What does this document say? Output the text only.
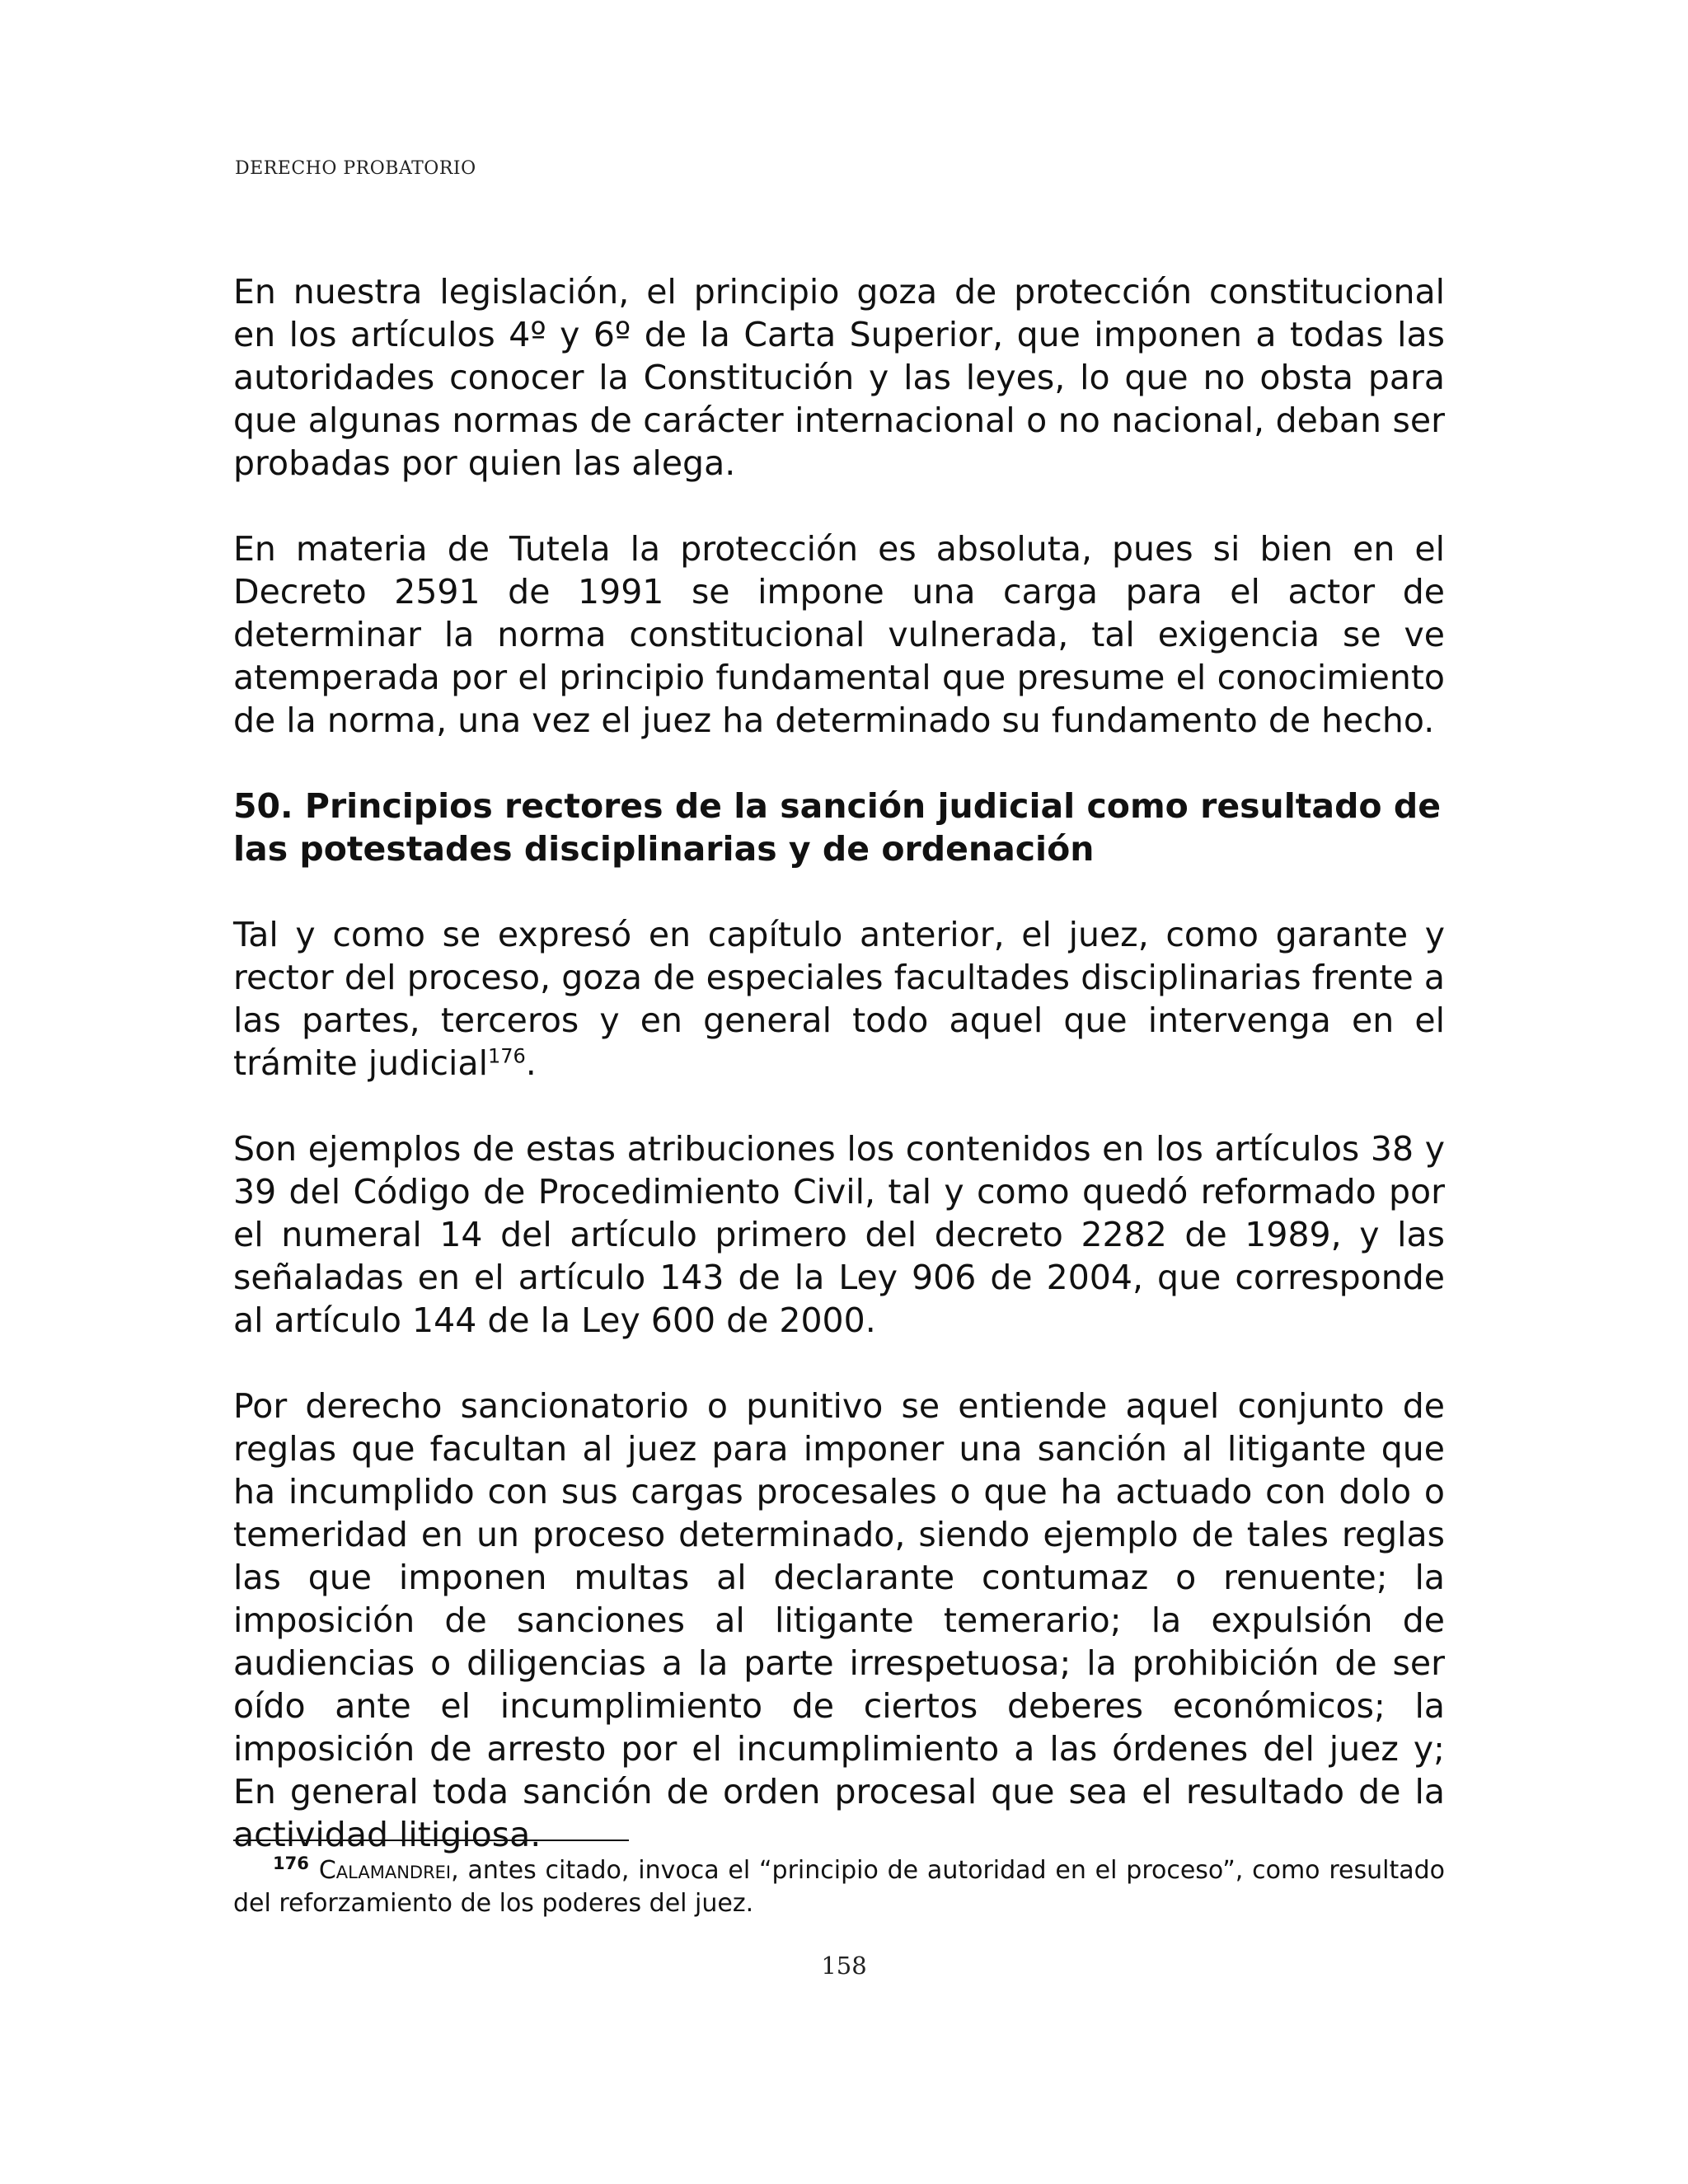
DERECHO PROBATORIO

En nuestra legislación, el principio goza de protección constitucional en los artículos 4º y 6º de la Carta Superior, que imponen a todas las autoridades conocer la Constitución y las leyes, lo que no obsta para que algunas normas de carácter internacional o no nacional, deban ser probadas por quien las alega.

En materia de Tutela la protección es absoluta, pues si bien en el Decreto 2591 de 1991 se impone una carga para el actor de determinar la norma constitucional vulnerada, tal exigencia se ve atemperada por el principio fundamental que presume el conocimiento de la norma, una vez el juez ha determinado su fundamento de hecho.

50. Principios rectores de la sanción judicial como resultado de las potestades disciplinarias y de ordenación

Tal y como se expresó en capítulo anterior, el juez, como garante y rector del proceso, goza de especiales facultades disciplinarias frente a las partes, terceros y en general todo aquel que intervenga en el trámite judicial$^{176}$.

Son ejemplos de estas atribuciones los contenidos en los artículos 38 y 39 del Código de Procedimiento Civil, tal y como quedó reformado por el numeral 14 del artículo primero del decreto 2282 de 1989, y las señaladas en el artículo 143 de la Ley 906 de 2004, que corresponde al artículo 144 de la Ley 600 de 2000.

Por derecho sancionatorio o punitivo se entiende aquel conjunto de reglas que facultan al juez para imponer una sanción al litigante que ha incumplido con sus cargas procesales o que ha actuado con dolo o temeridad en un proceso determinado, siendo ejemplo de tales reglas las que imponen multas al declarante contumaz o renuente; la imposición de sanciones al litigante temerario; la expulsión de audiencias o diligencias a la parte irrespetuosa; la prohibición de ser oído ante el incumplimiento de ciertos deberes económicos; la imposición de arresto por el incumplimiento a las órdenes del juez y; En general toda sanción de orden procesal que sea el resultado de la actividad litigiosa.

$^{176}$ Calamandrei, antes citado, invoca el “principio de autoridad en el proceso”, como resultado del reforzamiento de los poderes del juez.
158
